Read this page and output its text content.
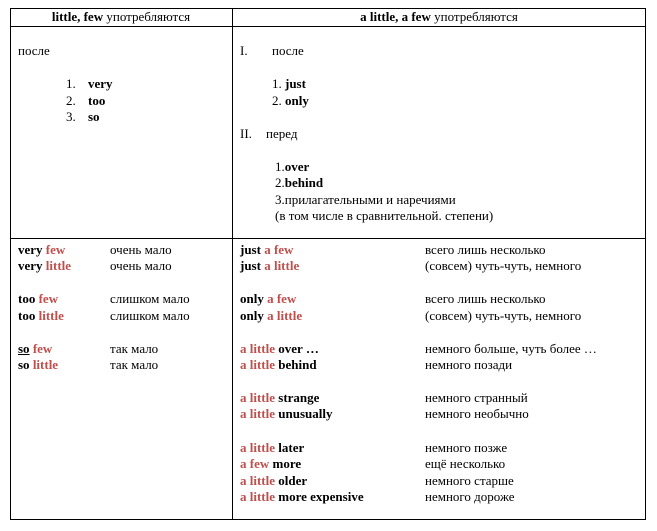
little, few употребляются	a little, a few употребляются
после
1. very
2. too
3. so
I. после
1. just
2. only
II. перед
1.over
2.behind
3.прилагательными и наречиями
(в том числе в сравнительной. степени)
very few	очень мало
very little	очень мало
too few	слишком мало
too little	слишком мало
so few	так мало
so little	так мало
just a few	всего лишь несколько
just a little	(совсем) чуть-чуть, немного
only a few	всего лишь несколько
only a little	(совсем) чуть-чуть, немного
a little over …	немного больше, чуть более …
a little behind	немного позади
a little strange	немного странный
a little unusually	немного необычно
a little later	немного позже
a few more	ещё несколько
a little older	немного старше
a little more expensive	немного дороже
